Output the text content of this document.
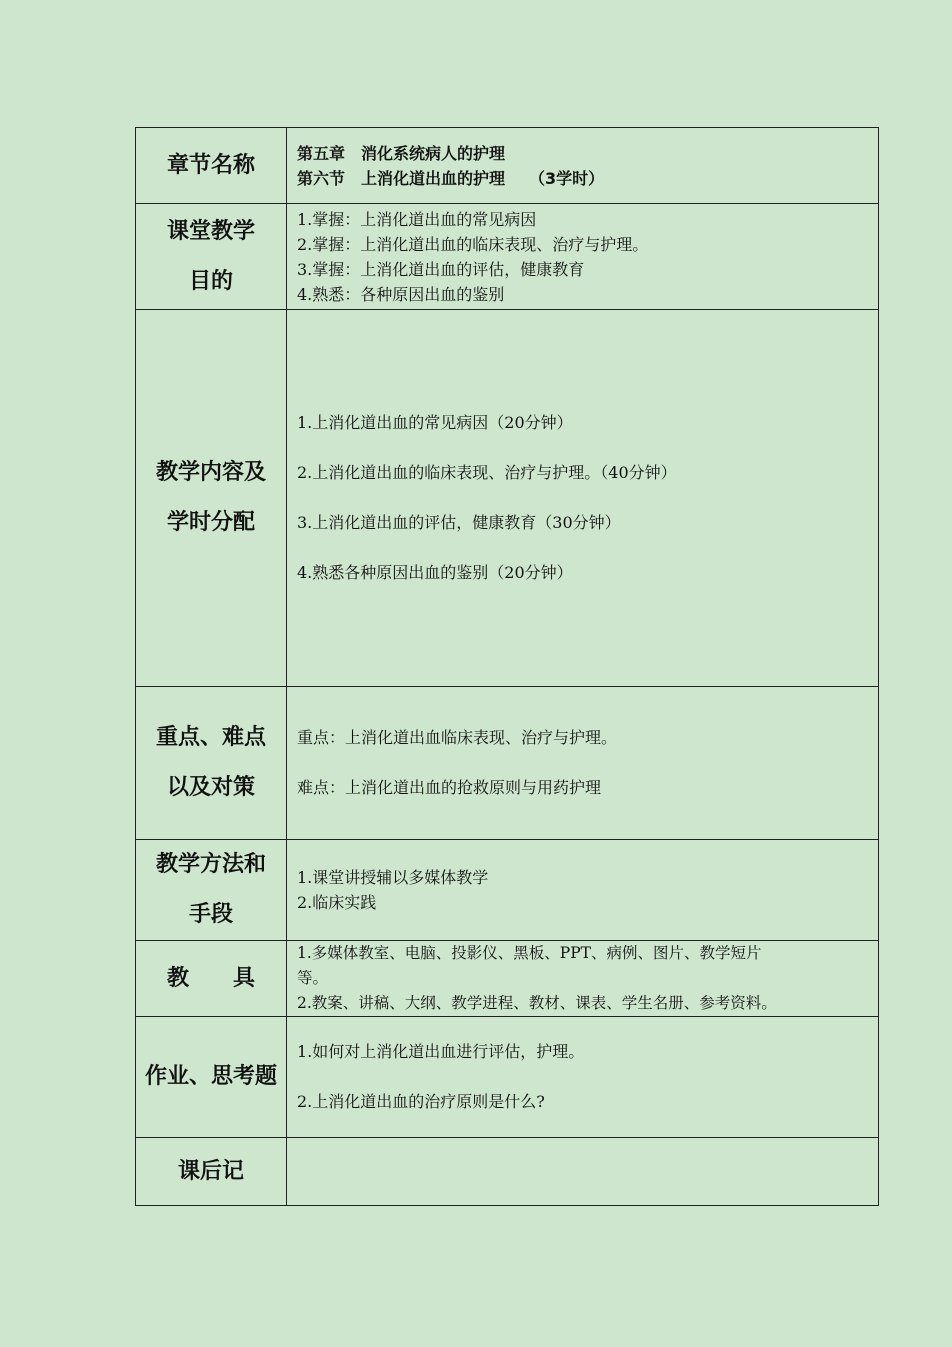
章节名称	第五章　消化系统病人的护理
第六节　上消化道出血的护理　　（3学时）

课堂教学
目的	1.掌握：上消化道出血的常见病因
2.掌握：上消化道出血的临床表现、治疗与护理。
3.掌握：上消化道出血的评估，健康教育
4.熟悉：各种原因出血的鉴别

教学内容及
学时分配	1.上消化道出血的常见病因（20分钟）
2.上消化道出血的临床表现、治疗与护理。（40分钟）
3.上消化道出血的评估，健康教育（30分钟）
4.熟悉各种原因出血的鉴别（20分钟）

重点、难点
以及对策	重点：上消化道出血临床表现、治疗与护理。
难点：上消化道出血的抢救原则与用药护理

教学方法和
手段	1.课堂讲授辅以多媒体教学
2.临床实践

教 具	1.多媒体教室、电脑、投影仪、黑板、PPT、病例、图片、教学短片
等。
2.教案、讲稿、大纲、教学进程、教材、课表、学生名册、参考资料。

作业、思考题	1.如何对上消化道出血进行评估，护理。
2.上消化道出血的治疗原则是什么?

课后记	
